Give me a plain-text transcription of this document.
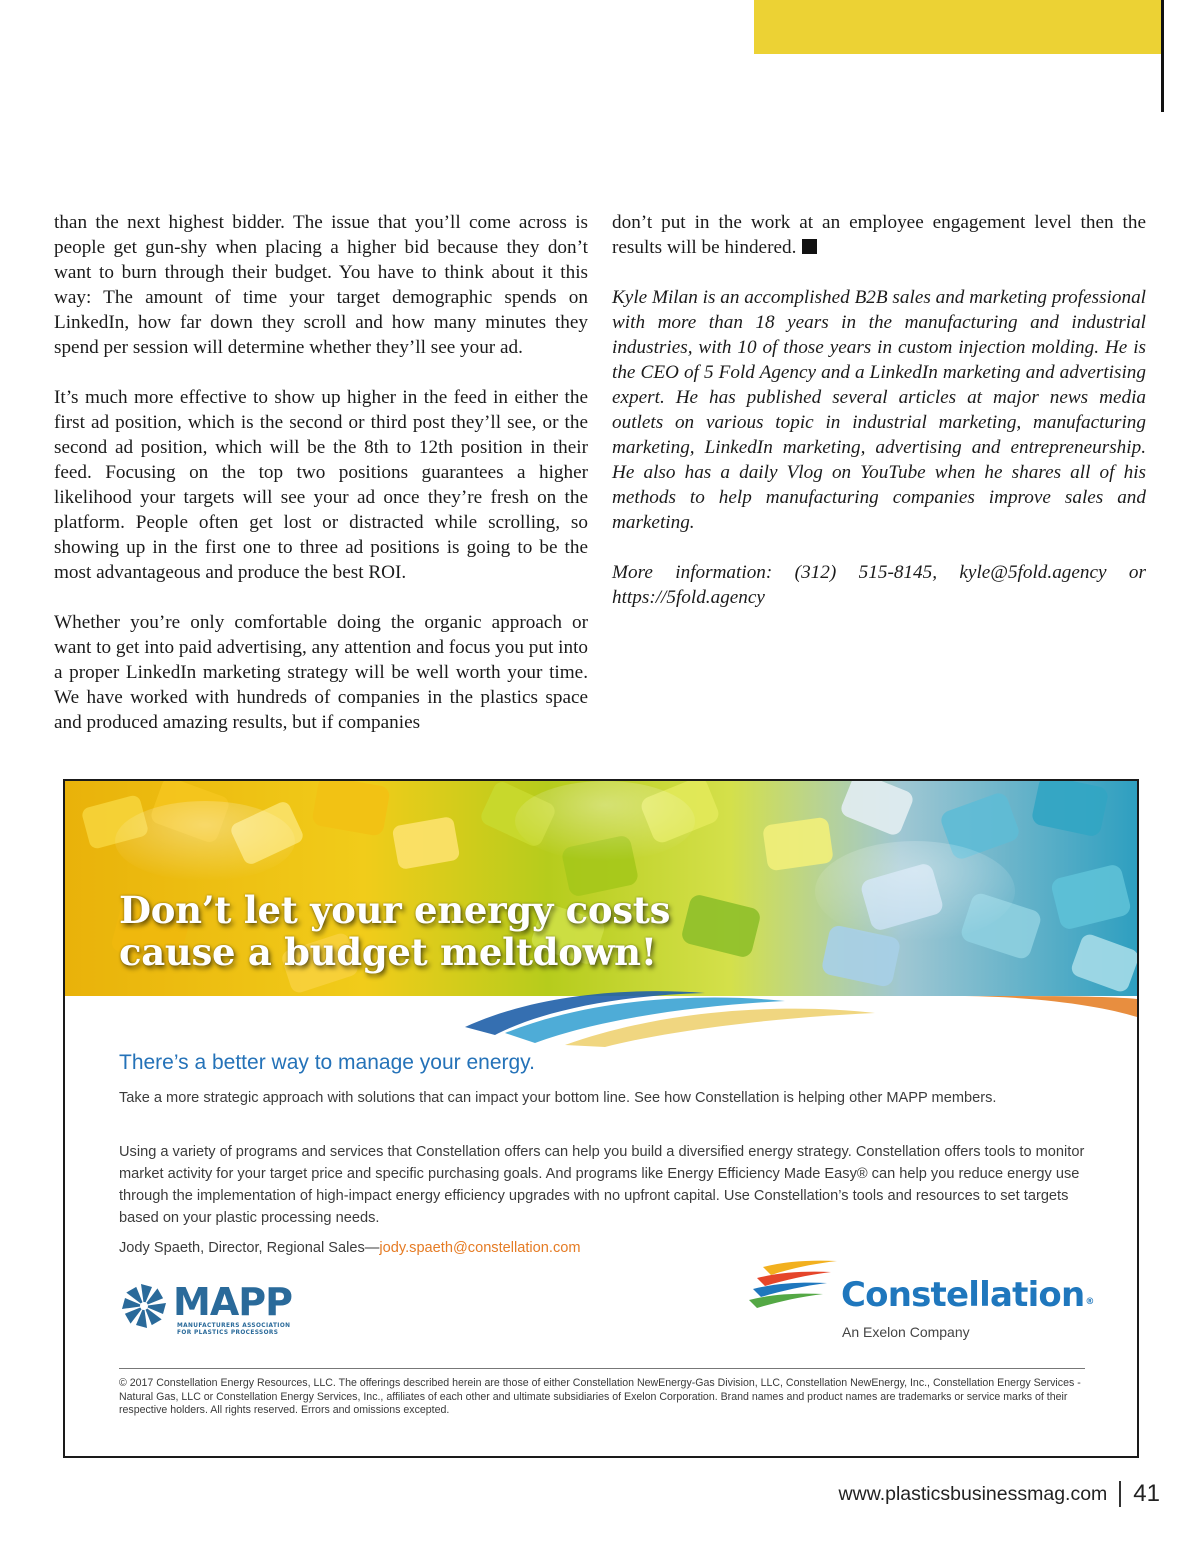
than the next highest bidder. The issue that you’ll come across is people get gun-shy when placing a higher bid because they don’t want to burn through their budget. You have to think about it this way: The amount of time your target demographic spends on LinkedIn, how far down they scroll and how many minutes they spend per session will determine whether they’ll see your ad.

It’s much more effective to show up higher in the feed in either the first ad position, which is the second or third post they’ll see, or the second ad position, which will be the 8th to 12th position in their feed. Focusing on the top two positions guarantees a higher likelihood your targets will see your ad once they’re fresh on the platform. People often get lost or distracted while scrolling, so showing up in the first one to three ad positions is going to be the most advantageous and produce the best ROI.

Whether you’re only comfortable doing the organic approach or want to get into paid advertising, any attention and focus you put into a proper LinkedIn marketing strategy will be well worth your time. We have worked with hundreds of companies in the plastics space and produced amazing results, but if companies

don’t put in the work at an employee engagement level then the results will be hindered.

Kyle Milan is an accomplished B2B sales and marketing professional with more than 18 years in the manufacturing and industrial industries, with 10 of those years in custom injection molding. He is the CEO of 5 Fold Agency and a LinkedIn marketing and advertising expert. He has published several articles at major news media outlets on various topic in industrial marketing, manufacturing marketing, LinkedIn marketing, advertising and entrepreneurship. He also has a daily Vlog on YouTube when he shares all of his methods to help manufacturing companies improve sales and marketing.

More information: (312) 515-8145, kyle@5fold.agency or https://5fold.agency

Don’t let your energy costs
cause a budget meltdown!

There’s a better way to manage your energy.

Take a more strategic approach with solutions that can impact your bottom line. See how Constellation is helping other MAPP members.

Using a variety of programs and services that Constellation offers can help you build a diversified energy strategy. Constellation offers tools to monitor market activity for your target price and specific purchasing goals. And programs like Energy Efficiency Made Easy® can help you reduce energy use through the implementation of high-impact energy efficiency upgrades with no upfront capital. Use Constellation’s tools and resources to set targets based on your plastic processing needs.

Jody Spaeth, Director, Regional Sales—jody.spaeth@constellation.com

MAPP
MANUFACTURERS ASSOCIATION
FOR PLASTICS PROCESSORS
Constellation®
An Exelon Company

© 2017 Constellation Energy Resources, LLC. The offerings described herein are those of either Constellation NewEnergy-Gas Division, LLC, Constellation NewEnergy, Inc., Constellation Energy Services - Natural Gas, LLC or Constellation Energy Services, Inc., affiliates of each other and ultimate subsidiaries of Exelon Corporation. Brand names and product names are trademarks or service marks of their respective holders. All rights reserved. Errors and omissions excepted.

www.plasticsbusinessmag.com 41
